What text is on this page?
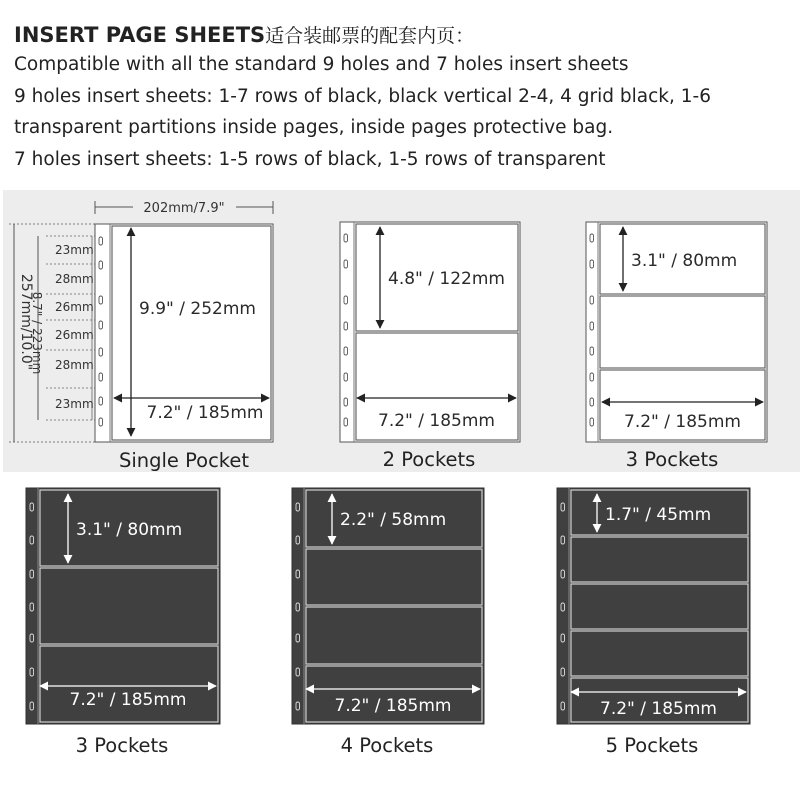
INSERT PAGE SHEETS适合装邮票的配套内页：
Compatible with all the standard 9 holes and 7 holes insert sheets
9 holes insert sheets: 1-7 rows of black, black vertical 2-4, 4 grid black, 1-6
transparent partitions inside pages, inside pages protective bag.
7 holes insert sheets: 1-5 rows of black, 1-5 rows of transparent
202mm/7.9"
257mm/10.0"
8.7" / 223mm
23mm
28mm
26mm
26mm
28mm
23mm
9.9" / 252mm
7.2" / 185mm
Single Pocket
4.8" / 122mm
7.2" / 185mm
2 Pockets
3.1" / 80mm
7.2" / 185mm
3 Pockets
3.1" / 80mm
7.2" / 185mm
3 Pockets
2.2" / 58mm
7.2" / 185mm
4 Pockets
1.7" / 45mm
7.2" / 185mm
5 Pockets
